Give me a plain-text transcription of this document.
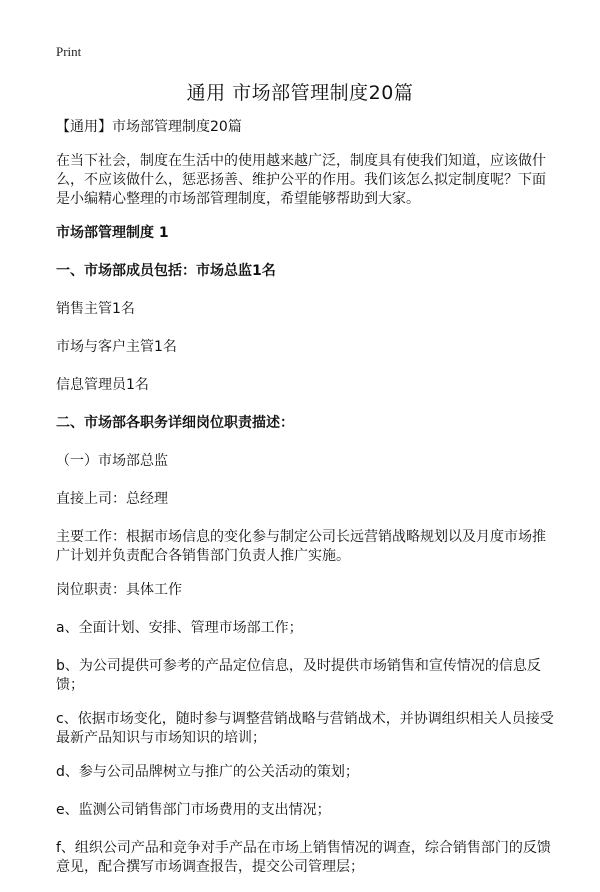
Print
通用 市场部管理制度20篇

【通用】市场部管理制度20篇

在当下社会，制度在生活中的使用越来越广泛，制度具有使我们知道，应该做什么，不应该做什么，惩恶扬善、维护公平的作用。我们该怎么拟定制度呢？下面是小编精心整理的市场部管理制度，希望能够帮助到大家。

市场部管理制度 1

一、市场部成员包括：市场总监1名

销售主管1名

市场与客户主管1名

信息管理员1名

二、市场部各职务详细岗位职责描述：

（一）市场部总监

直接上司：总经理

主要工作：根据市场信息的变化参与制定公司长远营销战略规划以及月度市场推广计划并负责配合各销售部门负责人推广实施。

岗位职责：具体工作

a、全面计划、安排、管理市场部工作；

b、为公司提供可参考的产品定位信息，及时提供市场销售和宣传情况的信息反馈；

c、依据市场变化，随时参与调整营销战略与营销战术，并协调组织相关人员接受最新产品知识与市场知识的培训；

d、参与公司品牌树立与推广的公关活动的策划；

e、监测公司销售部门市场费用的支出情况；

f、组织公司产品和竞争对手产品在市场上销售情况的调查，综合销售部门的反馈意见，配合撰写市场调查报告，提交公司管理层；
